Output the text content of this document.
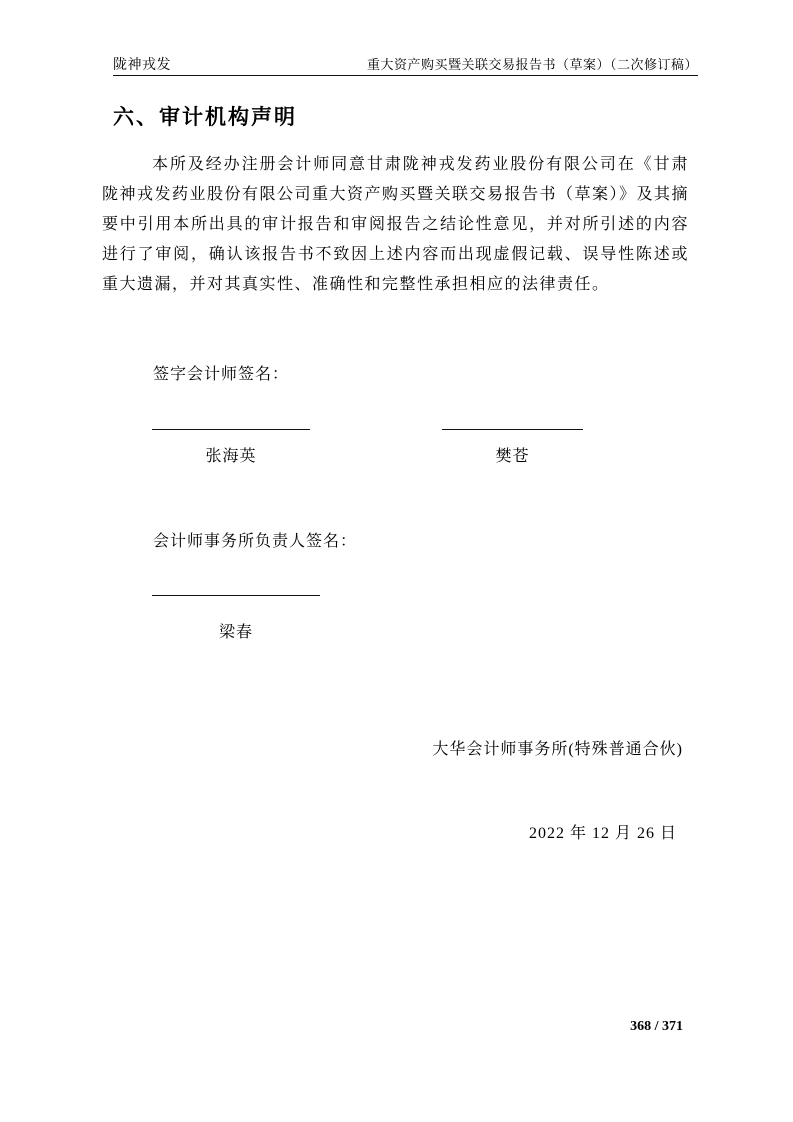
陇神戎发	重大资产购买暨关联交易报告书（草案）（二次修订稿）
六、审计机构声明

本所及经办注册会计师同意甘肃陇神戎发药业股份有限公司在《甘肃陇神戎发药业股份有限公司重大资产购买暨关联交易报告书（草案）》及其摘要中引用本所出具的审计报告和审阅报告之结论性意见，并对所引述的内容进行了审阅，确认该报告书不致因上述内容而出现虚假记载、误导性陈述或重大遗漏，并对其真实性、准确性和完整性承担相应的法律责任。

签字会计师签名：
张海英	樊苍
会计师事务所负责人签名：
梁春
大华会计师事务所(特殊普通合伙)
2022 年 12 月 26 日
368 / 371
